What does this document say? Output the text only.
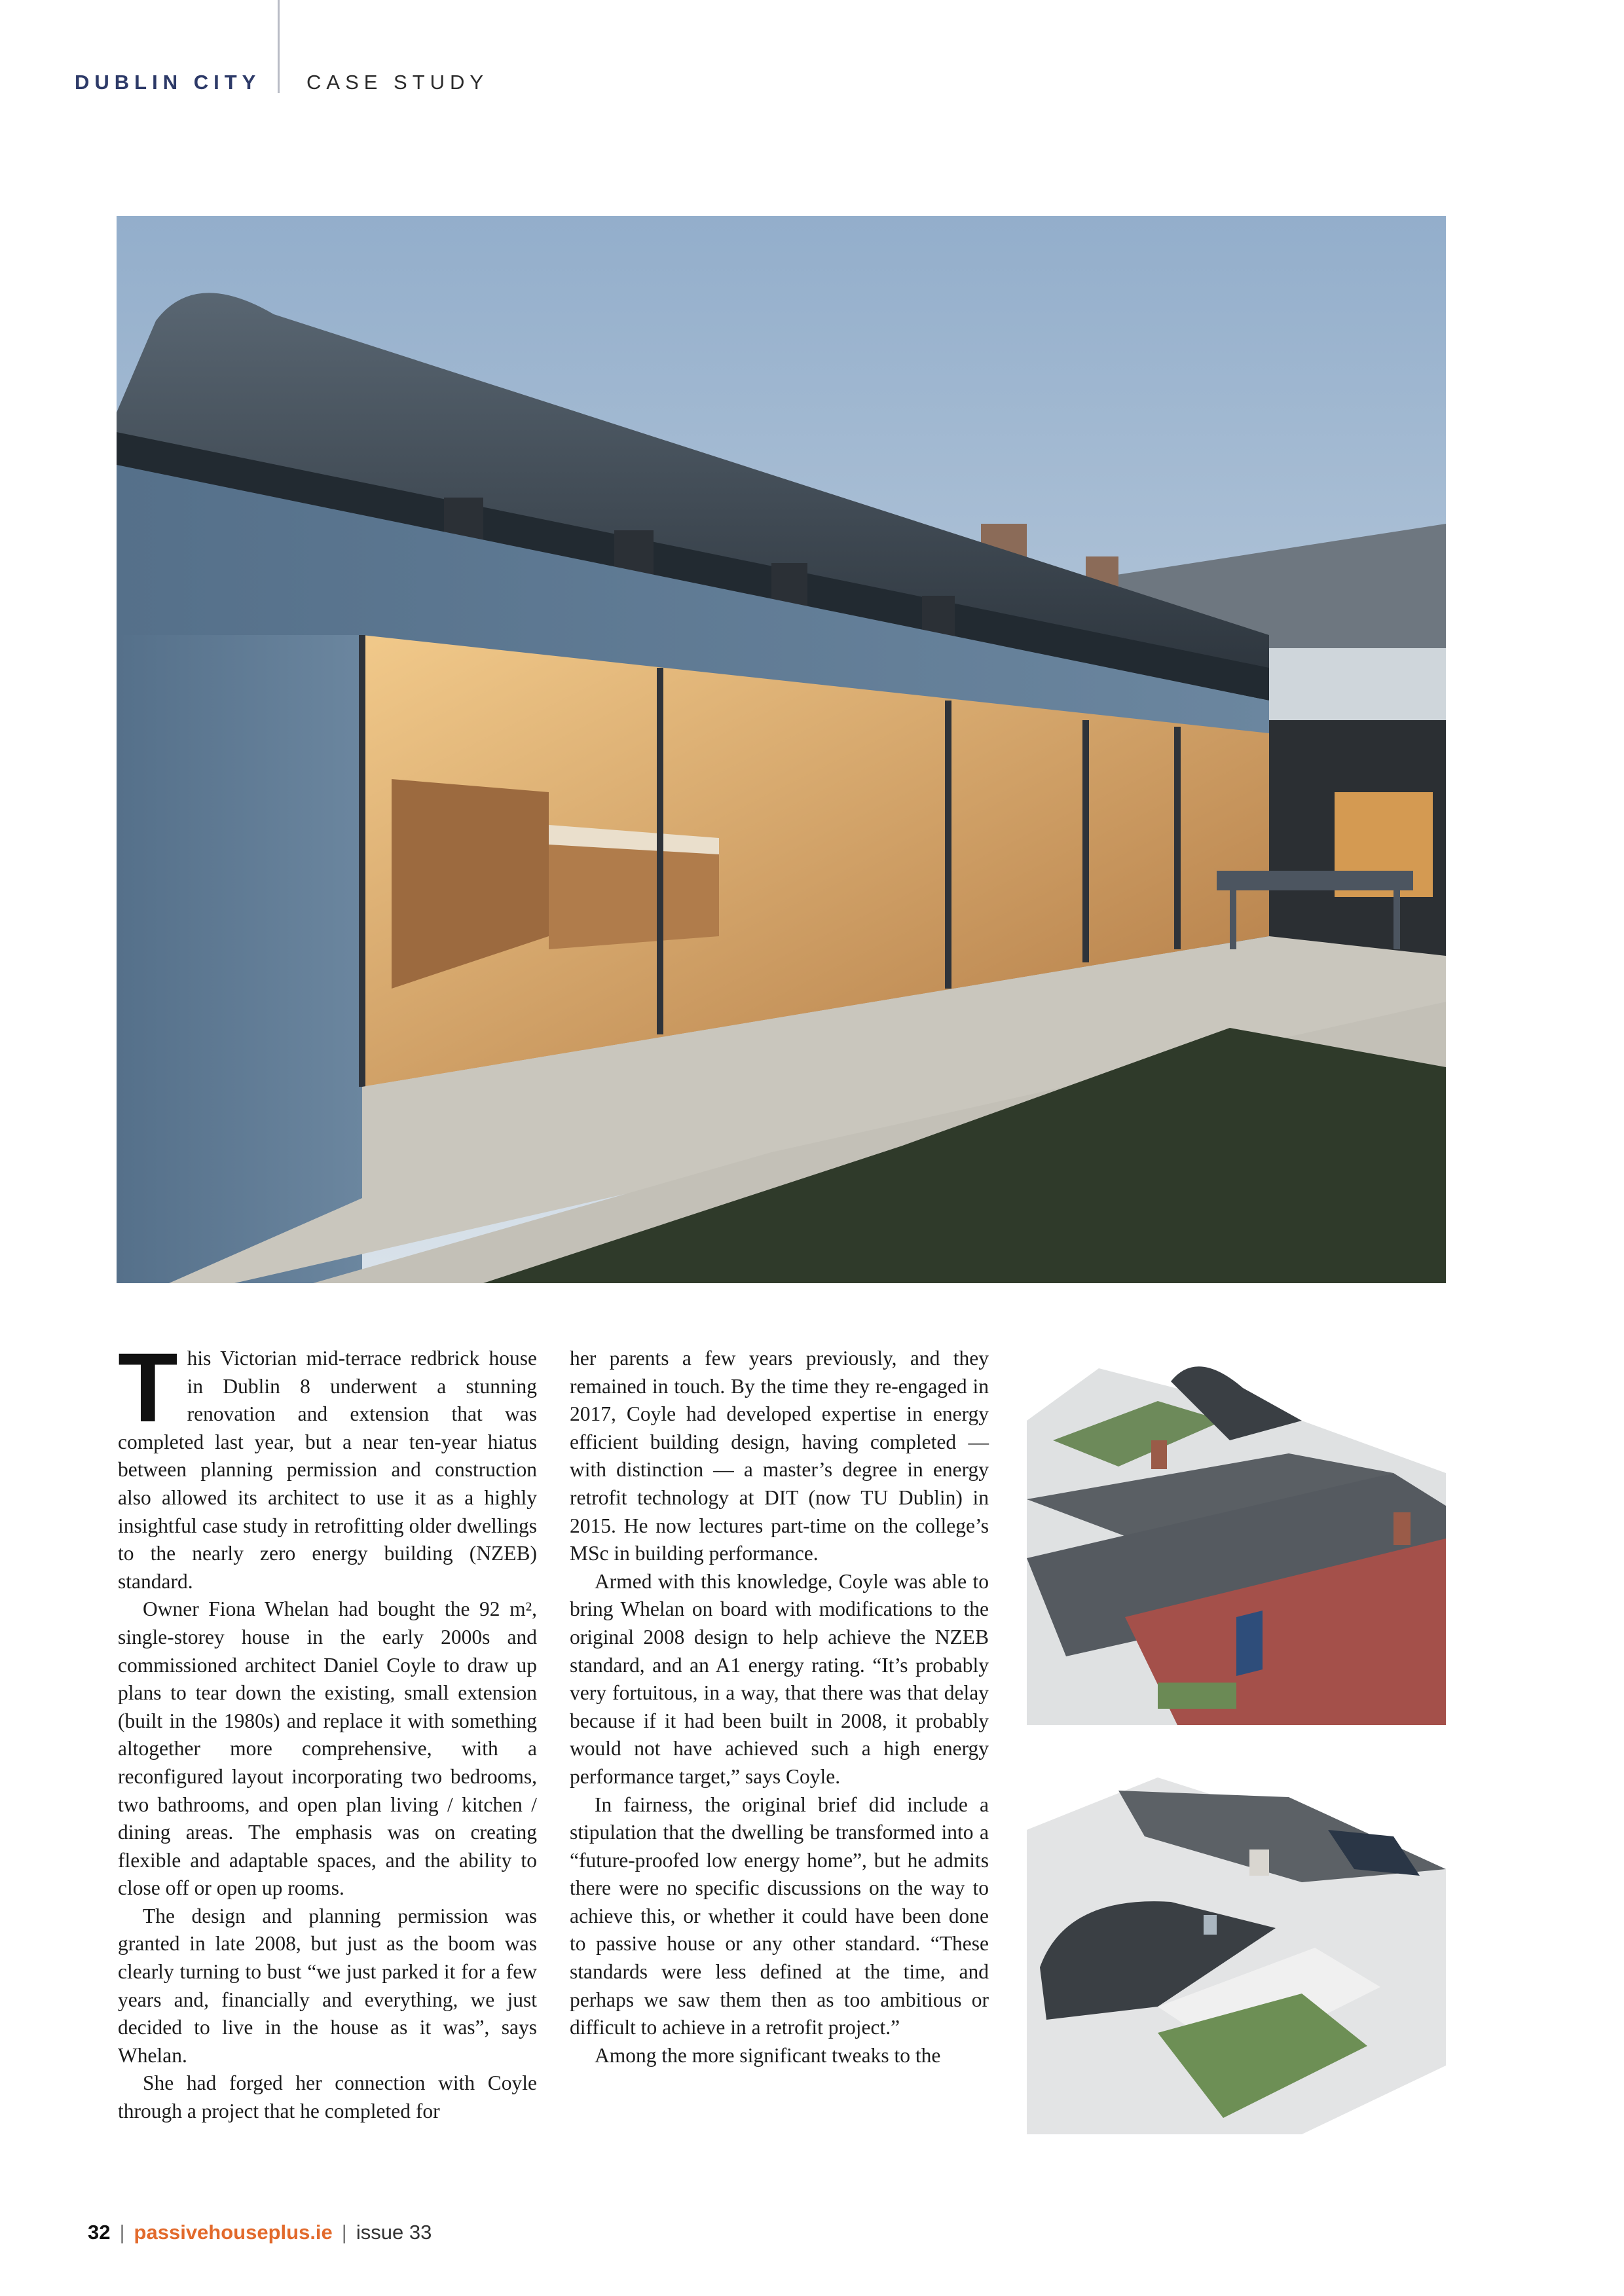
DUBLIN CITY CASE STUDY

This Victorian mid-terrace redbrick house in Dublin 8 underwent a stunning renovation and extension that was completed last year, but a near ten-year hiatus between planning permission and construction also allowed its architect to use it as a highly insightful case study in retrofitting older dwellings to the nearly zero energy building (NZEB) standard.

Owner Fiona Whelan had bought the 92 m², single-storey house in the early 2000s and commissioned architect Daniel Coyle to draw up plans to tear down the existing, small extension (built in the 1980s) and replace it with something altogether more comprehensive, with a reconfigured layout incorporating two bedrooms, two bathrooms, and open plan living / kitchen / dining areas. The emphasis was on creating flexible and adaptable spaces, and the ability to close off or open up rooms.

The design and planning permission was granted in late 2008, but just as the boom was clearly turning to bust “we just parked it for a few years and, financially and everything, we just decided to live in the house as it was”, says Whelan.

She had forged her connection with Coyle through a project that he completed for

her parents a few years previously, and they remained in touch. By the time they re-engaged in 2017, Coyle had developed expertise in energy efficient building design, having completed — with distinction — a master’s degree in energy retrofit technology at DIT (now TU Dublin) in 2015. He now lectures part-time on the college’s MSc in building performance.

Armed with this knowledge, Coyle was able to bring Whelan on board with modifications to the original 2008 design to help achieve the NZEB standard, and an A1 energy rating. “It’s probably very fortuitous, in a way, that there was that delay because if it had been built in 2008, it probably would not have achieved such a high energy performance target,” says Coyle.

In fairness, the original brief did include a stipulation that the dwelling be transformed into a “future-proofed low energy home”, but he admits there were no specific discussions on the way to achieve this, or whether it could have been done to passive house or any other standard. “These standards were less defined at the time, and perhaps we saw them then as too ambitious or difficult to achieve in a retrofit project.”

Among the more significant tweaks to the

32 | passivehouseplus.ie | issue 33
